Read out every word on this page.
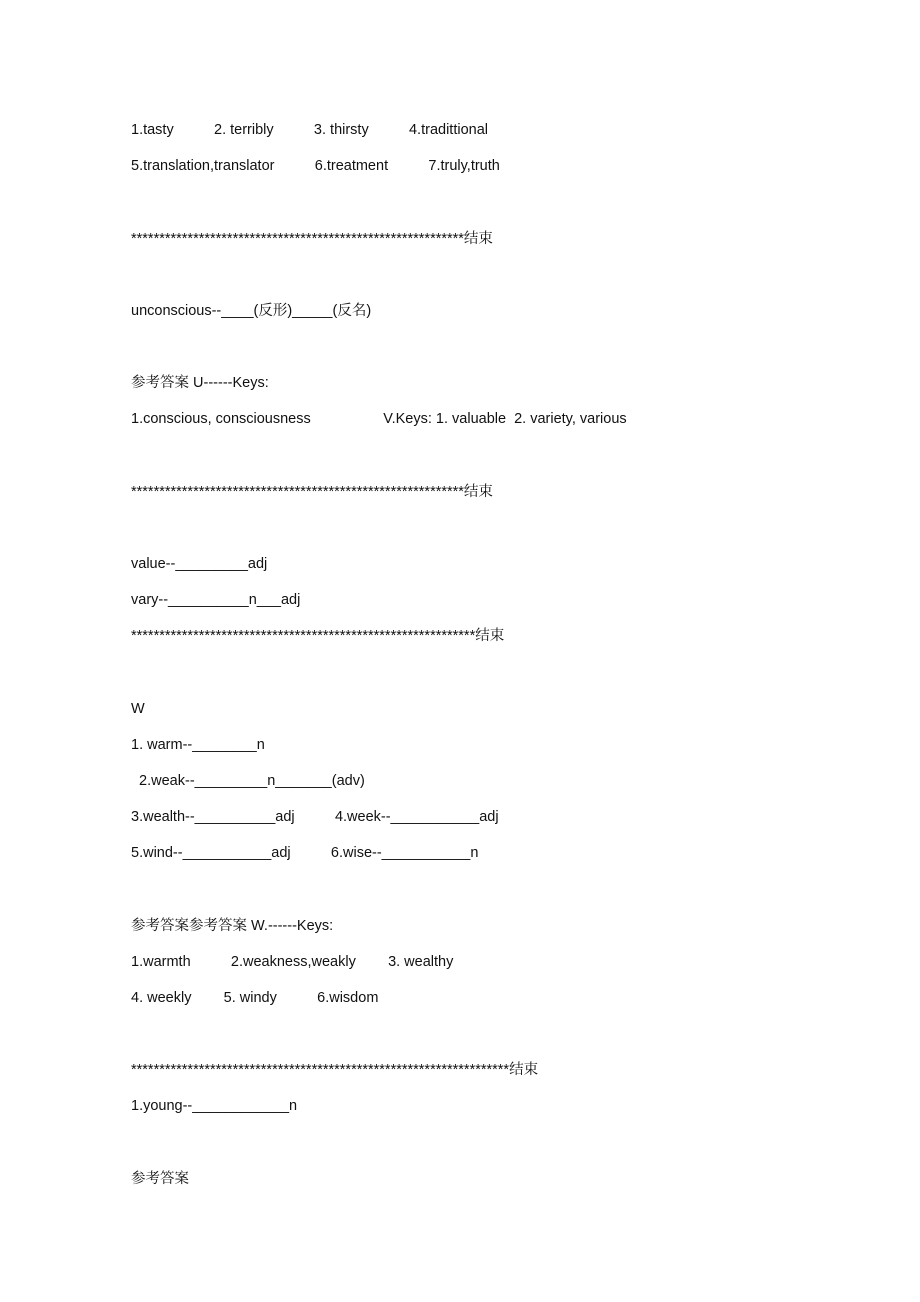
1.tasty          2. terribly          3. thirsty          4.tradittional

5.translation,translator          6.treatment          7.truly,truth

***********************************************************结束

unconscious--____(反形)_____(反名)

参考答案 U------Keys:

1.conscious, consciousness                  V.Keys: 1. valuable  2. variety, various

***********************************************************结束

value--_________adj

vary--__________n___adj

*************************************************************结束

W

1. warm--________n

2.weak--_________n_______(adv)

3.wealth--__________adj          4.week--___________adj

5.wind--___________adj          6.wise--___________n

参考答案参考答案 W.------Keys:

1.warmth          2.weakness,weakly        3. wealthy

4. weekly        5. windy          6.wisdom

*******************************************************************结束

1.young--____________n

参考答案
